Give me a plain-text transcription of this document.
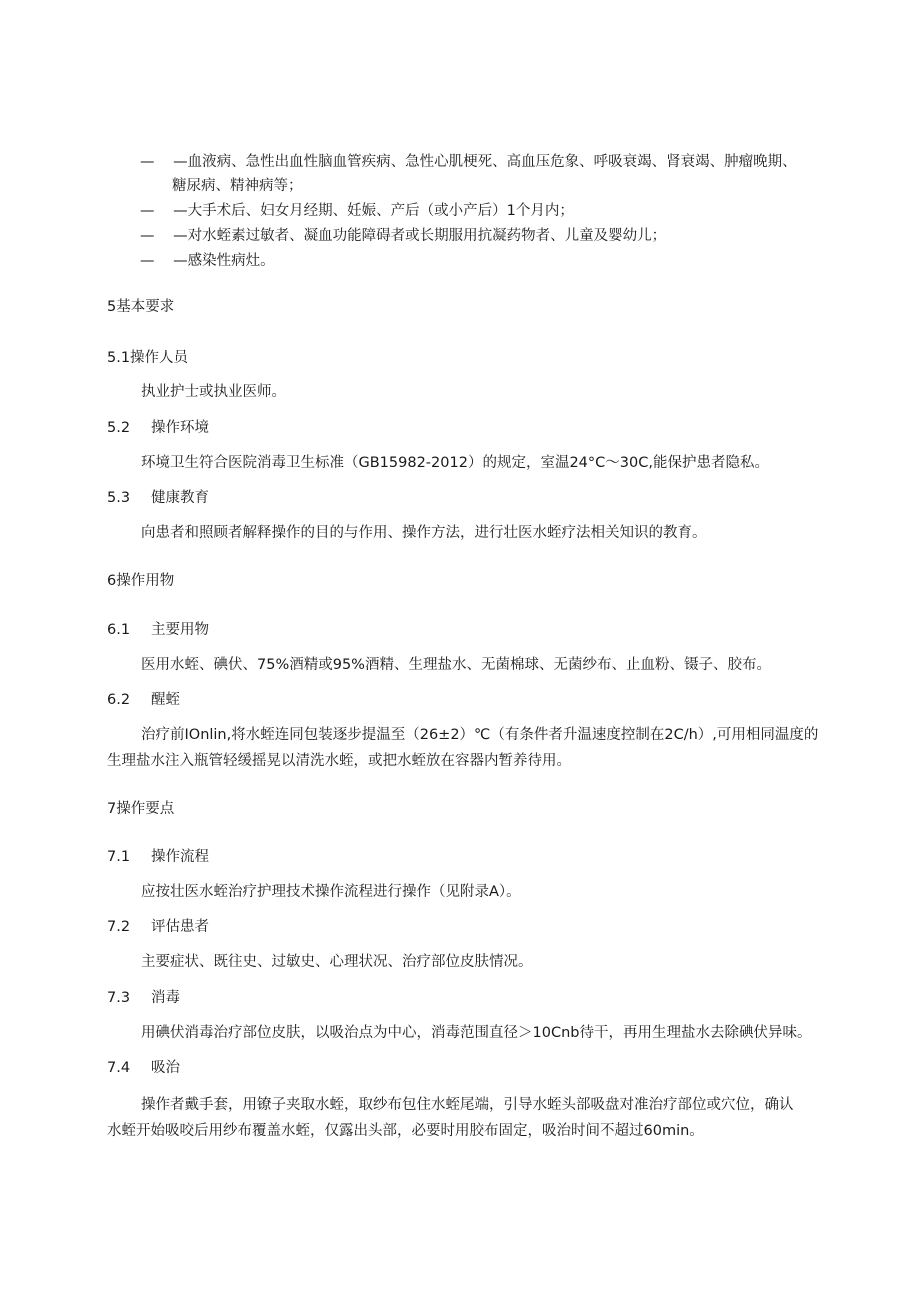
— —血液病、急性出血性脑血管疾病、急性心肌梗死、高血压危象、呼吸衰竭、肾衰竭、肿瘤晚期、
糖尿病、精神病等；
— —大手术后、妇女月经期、妊娠、产后（或小产后）1个月内；
— —对水蛭素过敏者、凝血功能障碍者或长期服用抗凝药物者、儿童及婴幼儿；
— —感染性病灶。
5基本要求
5.1操作人员
执业护士或执业医师。
5.2 操作环境
环境卫生符合医院消毒卫生标准（GB15982-2012）的规定，室温24°C～30C,能保护患者隐私。
5.3 健康教育
向患者和照顾者解释操作的目的与作用、操作方法，进行壮医水蛭疗法相关知识的教育。
6操作用物
6.1 主要用物
医用水蛭、碘伏、75%酒精或95%酒精、生理盐水、无菌棉球、无菌纱布、止血粉、镊子、胶布。
6.2 醒蛭
治疗前IOnlin,将水蛭连同包装逐步提温至（26±2）℃（有条件者升温速度控制在2C/h）,可用相同温度的
生理盐水注入瓶管轻缓摇晃以清洗水蛭，或把水蛭放在容器内暂养待用。
7操作要点
7.1 操作流程
应按壮医水蛭治疗护理技术操作流程进行操作（见附录A）。
7.2 评估患者
主要症状、既往史、过敏史、心理状况、治疗部位皮肤情况。
7.3 消毒
用碘伏消毒治疗部位皮肤，以吸治点为中心，消毒范围直径＞10Cnb待干，再用生理盐水去除碘伏异味。
7.4 吸治
操作者戴手套，用镣子夹取水蛭，取纱布包住水蛭尾端，引导水蛭头部吸盘对准治疗部位或穴位，确认
水蛭开始吸咬后用纱布覆盖水蛭，仅露出头部，必要时用胶布固定，吸治时间不超过60min。
